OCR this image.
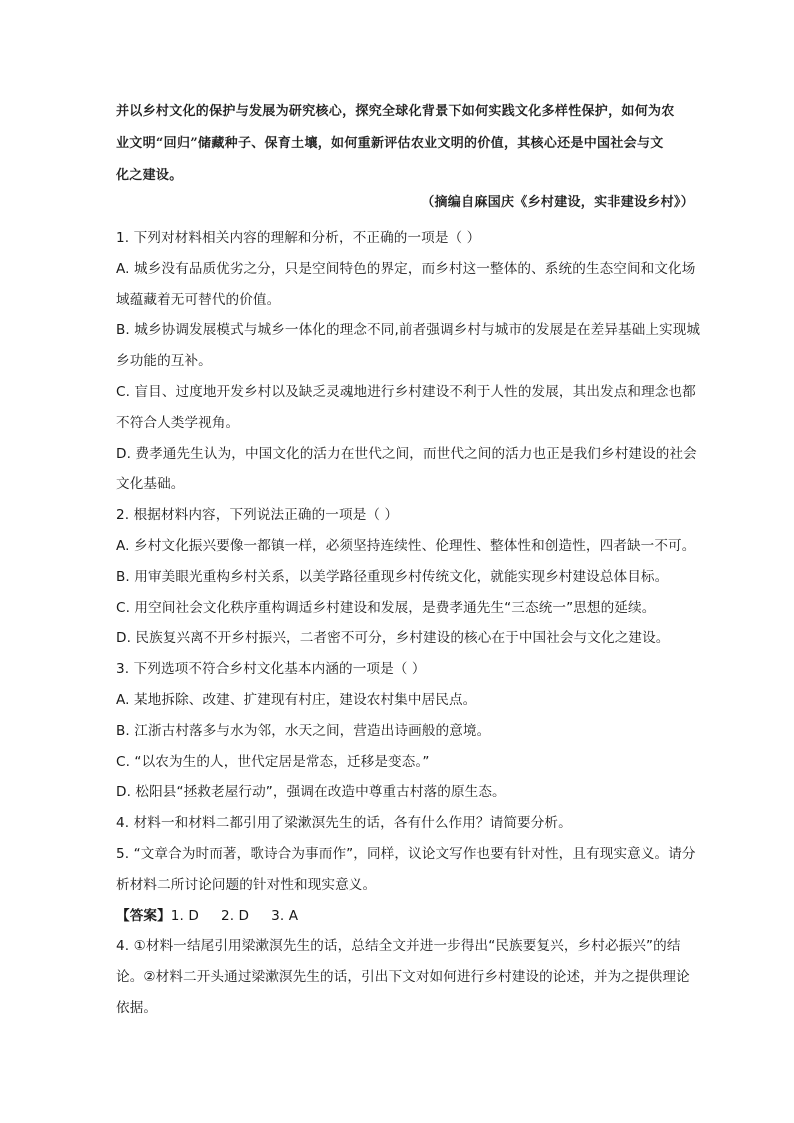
并以乡村文化的保护与发展为研究核心，探究全球化背景下如何实践文化多样性保护，如何为农

业文明“回归”储藏种子、保育土壤，如何重新评估农业文明的价值，其核心还是中国社会与文

化之建设。

（摘编自麻国庆《乡村建设，实非建设乡村》）

1. 下列对材料相关内容的理解和分析，不正确的一项是（ ）

A. 城乡没有品质优劣之分，只是空间特色的界定，而乡村这一整体的、系统的生态空间和文化场域蕴藏着无可替代的价值。

B. 城乡协调发展模式与城乡一体化的理念不同,前者强调乡村与城市的发展是在差异基础上实现城乡功能的互补。

C. 盲目、过度地开发乡村以及缺乏灵魂地进行乡村建设不利于人性的发展，其出发点和理念也都不符合人类学视角。

D. 费孝通先生认为，中国文化的活力在世代之间，而世代之间的活力也正是我们乡村建设的社会文化基础。

2. 根据材料内容，下列说法正确的一项是（ ）

A. 乡村文化振兴要像一都镇一样，必须坚持连续性、伦理性、整体性和创造性，四者缺一不可。

B. 用审美眼光重构乡村关系，以美学路径重现乡村传统文化，就能实现乡村建设总体目标。

C. 用空间社会文化秩序重构调适乡村建设和发展，是费孝通先生“三态统一”思想的延续。

D. 民族复兴离不开乡村振兴，二者密不可分，乡村建设的核心在于中国社会与文化之建设。

3. 下列选项不符合乡村文化基本内涵的一项是（ ）

A. 某地拆除、改建、扩建现有村庄，建设农村集中居民点。

B. 江浙古村落多与水为邻，水天之间，营造出诗画般的意境。

C. “以农为生的人，世代定居是常态，迁移是变态。”

D. 松阳县“拯救老屋行动”，强调在改造中尊重古村落的原生态。

4. 材料一和材料二都引用了梁漱溟先生的话，各有什么作用？请简要分析。

5. “文章合为时而著，歌诗合为事而作”，同样，议论文写作也要有针对性，且有现实意义。请分析材料二所讨论问题的针对性和现实意义。

【答案】1. D 2. D 3. A

4. ①材料一结尾引用梁漱溟先生的话，总结全文并进一步得出“民族要复兴，乡村必振兴”的结论。②材料二开头通过梁漱溟先生的话，引出下文对如何进行乡村建设的论述，并为之提供理论依据。
